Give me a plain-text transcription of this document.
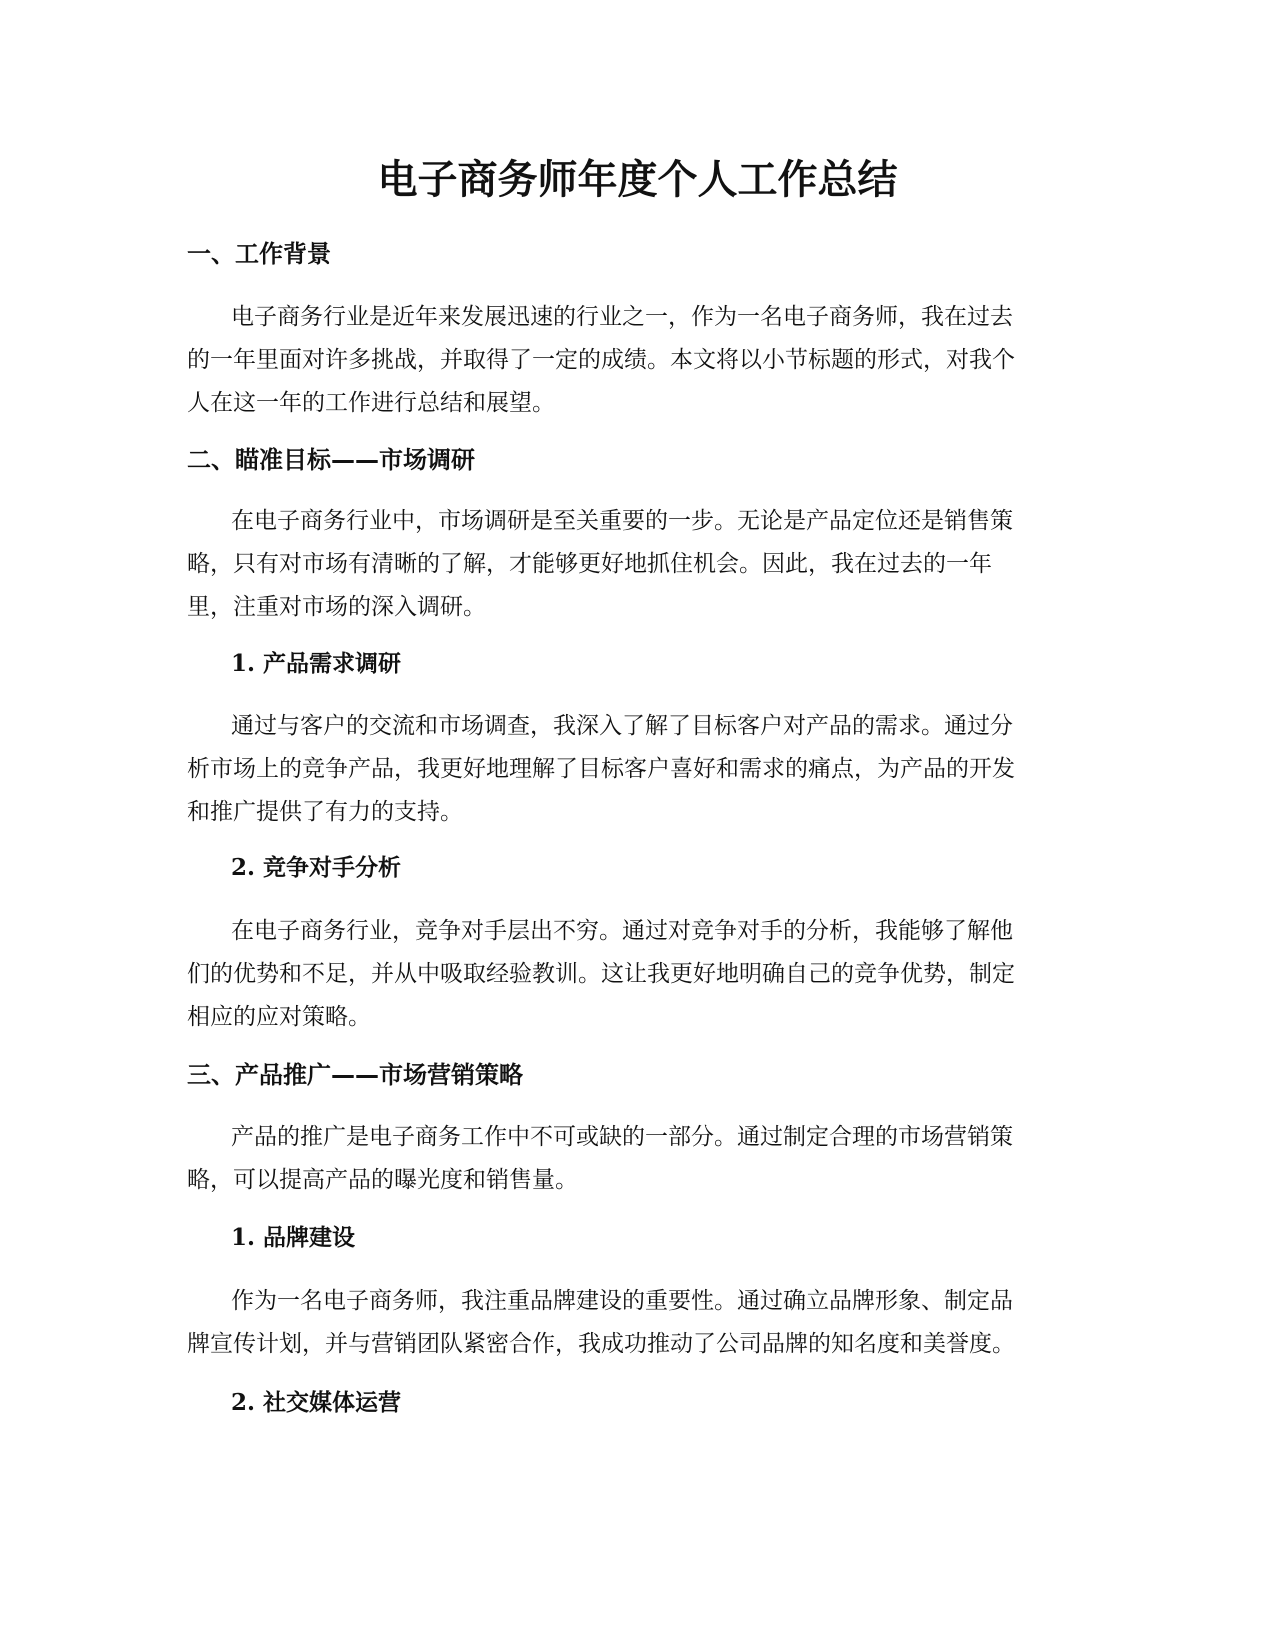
电子商务师年度个人工作总结
一、工作背景
电子商务行业是近年来发展迅速的行业之一，作为一名电子商务师，我在过去
的一年里面对许多挑战，并取得了一定的成绩。本文将以小节标题的形式，对我个
人在这一年的工作进行总结和展望。
二、瞄准目标——市场调研
在电子商务行业中，市场调研是至关重要的一步。无论是产品定位还是销售策
略，只有对市场有清晰的了解，才能够更好地抓住机会。因此，我在过去的一年
里，注重对市场的深入调研。
1. 产品需求调研
通过与客户的交流和市场调查，我深入了解了目标客户对产品的需求。通过分
析市场上的竞争产品，我更好地理解了目标客户喜好和需求的痛点，为产品的开发
和推广提供了有力的支持。
2. 竞争对手分析
在电子商务行业，竞争对手层出不穷。通过对竞争对手的分析，我能够了解他
们的优势和不足，并从中吸取经验教训。这让我更好地明确自己的竞争优势，制定
相应的应对策略。
三、产品推广——市场营销策略
产品的推广是电子商务工作中不可或缺的一部分。通过制定合理的市场营销策
略，可以提高产品的曝光度和销售量。
1. 品牌建设
作为一名电子商务师，我注重品牌建设的重要性。通过确立品牌形象、制定品
牌宣传计划，并与营销团队紧密合作，我成功推动了公司品牌的知名度和美誉度。
2. 社交媒体运营
